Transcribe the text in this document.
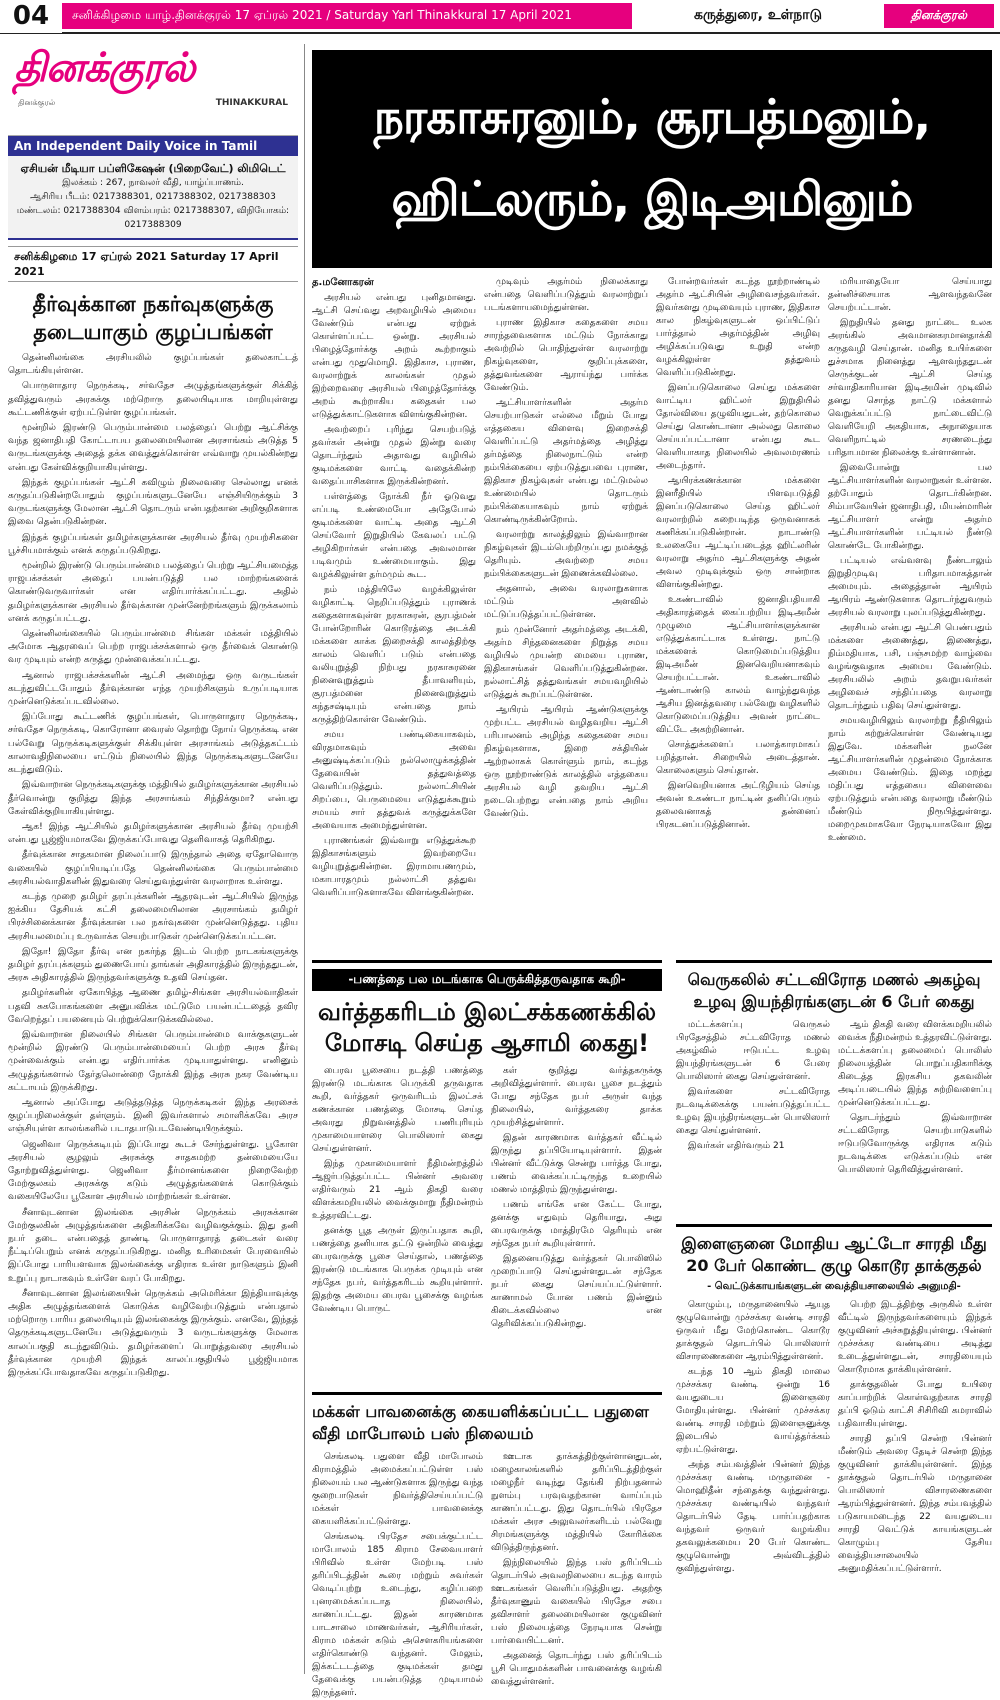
04	சனிக்கிழமை யாழ்.தினக்குரல் 17 ஏப்ரல் 2021 / Saturday Yarl Thinakkural 17 April 2021	கருத்துரை, உள்நாடு	தினக்குரல்
தினக்குரல்
தினக்குரல்	THINAKKURAL
An Independent Daily Voice in Tamil
ஏசியன் மீடியா பப்ளிகேஷன் (பிறைவேட்) லிமிடெட்
இலக்கம் : 267, நாவலர் வீதி, யாழ்ப்பாணம்.
ஆசிரிய பீடம்: 0217388301, 0217388302, 0217388303
மண்டலம்: 0217388304 விளம்பரம்: 0217388307, விநியோகம்: 0217388309
சனிக்கிழமை 17 ஏப்ரல் 2021 Saturday 17 April 2021
தீர்வுக்கான நகர்வுகளுக்கு தடையாகும் குழப்பங்கள்

தென்னிலங்கை அரசியலில் குழப்பங்கள் தலைகாட்டத் தொடங்கியுள்ளன.

பொருளாதார நெருக்கடி, சர்வதேச அழுத்தங்களுக்குள் சிக்கித் தவித்துவரும் அரசுக்கு மற்றொரு தலையிடியாக மாறியுள்ளது கூட்டணிக்குள் ஏற்பட்டுள்ள குழப்பங்கள்.

மூன்றில் இரண்டு பெரும்பான்மை பலத்தைப் பெற்று ஆட்சிக்கு வந்த ஜனாதிபதி கோட்டாபய தலைமையிலான அரசாங்கம் அடுத்த 5 வருடங்களுக்கு அதைத் தக்க வைத்துக்கொள்ள எவ்வாறு முயல்கின்றது என்பது கேள்விக்குறியாகியுள்ளது.

இந்தக் குழப்பங்கள் ஆட்சி கவிழும் நிலைவரை செல்லாது எனக் கருதப்படுகின்றபோதும் குழப்பங்களுடனேயே எஞ்சியிருக்கும் 3 வருடங்களுக்கு மேலான ஆட்சி தொடரும் என்பதற்கான அறிகுறிகளாக இவை தென்படுகின்றன.

இந்தக் குழப்பங்கள் தமிழர்களுக்கான அரசியல் தீர்வு முயற்சிகளை பூச்சியமாக்கும் எனக் கருதப்படுகிறது.

மூன்றில் இரண்டு பெரும்பான்மை பலத்தைப் பெற்று ஆட்சியமைத்த ராஜபக்சக்கள் அதைப் பயன்படுத்தி பல மாற்றங்களைக் கொண்டுவருவார்கள் என எதிர்பார்க்கப்பட்டது. அதில் தமிழர்களுக்கான அரசியல் தீர்வுக்கான முன்னேற்றங்களும் இருக்கலாம் எனக் கருதப்பட்டது.

தென்னிலங்கையில் பெரும்பான்மை சிங்கள மக்கள் மத்தியில் அமோக ஆதரவைப் பெற்ற ராஜபக்சக்களால் ஒரு தீர்வைக் கொண்டு வர முடியும் என்ற கருத்து முன்வைக்கப்பட்டது.

ஆனால் ராஜபக்சக்களின் ஆட்சி அமைந்து ஒரு வருடங்கள் கடந்துவிட்டபோதும் தீர்வுக்கான எந்த முயற்சிகளும் உருப்படியாக முன்னெடுக்கப்படவில்லை.

இப்போது கூட்டணிக் குழப்பங்கள், பொருளாதார நெருக்கடி, சர்வதேச நெருக்கடி, கொரோனா வைரஸ் தொற்று நோய் நெருக்கடி என பல்வேறு நெருக்கடிகளுக்குள் சிக்கியுள்ள அரசாங்கம் அடுத்தகட்டம் காலாவதிநிலையை எட்டும் நிலையில் இந்த நெருக்கடிகளுடனேயே கடந்துவிடும்.

இவ்வாறான நெருக்கடிகளுக்கு மத்தியில் தமிழர்களுக்கான அரசியல் தீர்வொன்று குறித்து இந்த அரசாங்கம் சிந்திக்குமா? என்பது கேள்விக்குறியாகியுள்ளது.

ஆக! இந்த ஆட்சியில் தமிழர்களுக்கான அரசியல் தீர்வு முயற்சி என்பது பூஜ்ஜியமாகவே இருக்கப்போவது தெளிவாகத் தெரிகிறது.

தீர்வுக்கான சாதகமான நிலைப்பாடு இருந்தால் அதை ஏதோவொரு வகையில் குழப்பியடிப்பதே தென்னிலங்கை பெரும்பான்மை அரசியல்வாதிகளின் இதுவரை செய்துவந்துள்ள வரலாறாக உள்ளது.

கடந்த முறை தமிழர் தரப்புக்களின் ஆதரவுடன் ஆட்சியில் இருந்த ஐக்கிய தேசியக் கட்சி தலைமையிலான அரசாங்கம் தமிழர் பிரச்சினைக்கான தீர்வுக்கான பல நகர்வுகளை முன்னெடுத்தது. புதிய அரசியலமைப்பு உருவாக்க செயற்பாடுகள் முன்னெடுக்கப்பட்டன.

இதோ! இதோ தீர்வு என நகர்ந்த இடம் பெற்ற நாடகங்களுக்கு தமிழர் தரப்புக்களும் துணைபோய் தாங்கள் அதிகாரத்தில் இருந்ததுடன், அரசு அதிகாரத்தில் இருந்தவர்களுக்கு உதவி செய்தன.

தமிழர்களின் ஏகோபித்த ஆணை தமிழ்-சிங்கள அரசியல்வாதிகள் பதவி சுகபோகங்களை அனுபவிக்க மட்டுமே பயன்பட்டதைத் தவிர வேறெந்தப் பயனையும் பெற்றுக்கொடுக்கவில்லை.

இவ்வாறான நிலையில் சிங்கள பெரும்பான்மை வாக்குகளுடன் மூன்றில் இரண்டு பெரும்பான்மையைப் பெற்ற அரசு தீர்வு முன்வைக்கும் என்பது எதிர்பார்க்க முடியாதுள்ளது. எனினும் அழுத்தங்களால் தேர்தலொன்றை நோக்கி இந்த அரசு நகர வேண்டிய கட்டாயம் இருக்கிறது.

ஆனால் அப்போது அடுத்தடுத்த நெருக்கடிகள் இந்த அரசைக் குழப்பநிலைக்குள் தள்ளும். இனி இவர்களால் சமாளிக்கவே அரச எஞ்சியுள்ள காலங்களில் படாதபாடுபடவேண்டியிருக்கும்.

ஜெனிவா நெருக்கடியும் இப்போது கூடச் சேர்ந்துள்ளது. பூகோள அரசியல் சூழலும் அரசுக்கு சாதகமற்ற தன்மையையே தோற்றுவித்துள்ளது. ஜெனிவா தீர்மானங்களை நிறைவேற்ற மேற்குலகம் அரசுக்கு கடும் அழுத்தங்களைக் கொடுக்கும் வகையிலேயே பூகோள அரசியல் மாற்றங்கள் உள்ளன.

சீனாவுடனான இலங்கை அரசின் நெருக்கம் அரசுக்கான மேற்குலகின் அழுத்தங்களை அதிகரிக்கவே வழிவகுக்கும். இது தனி நபர் தடை என்பதைத் தாண்டி பொருளாதாரத் தடைகள் வரை நீட்டிப்பெறும் எனக் கருதப்படுகிறது. மனித உரிமைகள் பேரவையில் இப்போது பாரியளவாக இலங்கைக்கு எதிராக உள்ள நாடுகளும் இனி உறுப்பு நாடாகவும் உள்ளே வரப் போகிறது.

சீனாவுடனான இலங்கையின் நெருக்கம் அமெரிக்கா இந்தியாவுக்கு அதிக அழுத்தங்களைக் கொடுக்க வழிவேற்படுத்தும் என்பதால் மற்றொரு பாரிய தலையிடியும் இலங்கைக்கு இருக்கும். எனவே, இந்தத் தெருக்கடிகளுடனேயே அடுத்துவரும் 3 வருடங்களுக்கு மேலாக காலப்பகுதி கடந்துவிடும். தமிழர்களைப் பொறுத்தவரை அரசியல் தீர்வுக்கான முயற்சி இந்தக் காலப்பகுதியில் பூஜ்ஜியமாக இருக்கப்போவதாகவே கருதப்படுகிறது.

நரகாசுரனும், சூரபத்மனும், ஹிட்லரும், இடிஅமினும்
த.மனோகரன்

அரசியல் என்பது புனிதமானது. ஆட்சி செய்வது அறவழியில் அமைய வேண்டும் என்பது ஏற்றுக் கொள்ளப்பட்ட ஒன்று. அரசியல் பிழைத்தோர்க்கு அறம் கூற்றாகும் என்பது முதுமொழி. இதிகாச, புராண, வரலாற்றுக் காலங்கள் முதல் இற்றைவரை அரசியல் பிழைத்தோர்க்கு அறம் கூற்றாகிய கதைகள் பல எடுத்துக்காட்டுகளாக விளங்குகின்றன.

அவற்றைப் புரிந்து செயற்படுத் தவர்கள் அன்று முதல் இன்று வரை தொடர்ந்தும் அதாவது வழியில் குடிமக்களை வாட்டி வதைக்கின்ற வதைப்பாசிகளாக இருக்கின்றனர்.

பள்ளத்தை நோக்கி நீர் ஓடுவது எப்படி உண்மையோ அதேபோல் குடிமக்களை வாட்டி அதை ஆட்சி செய்வோர் இறுதியில் கேவலப் பட்டு அழிகிறார்கள் என்பதை அவலமான படிவமும் உண்மையாகும். இது வழக்கிலுள்ள தர்மமும் கூட.

நம் மத்தியிலே வழக்கிலுள்ள வழிகாட்டி நெறிப்படுத்தும் புராணக் கதைகளாகவுள்ள நரகாசுரன், சூரபத்மன் போன்றோரின் கொடூரத்தை அடக்கி மக்களை காக்க இறைசக்தி காலத்திற்கு காலம் வெளிப் படும் என்பதை வலியுறுத்தி நிற்பது நரகாசுரனை நினைவுறுத்தும் தீபாவளியும், சூரபத்மனை நினைவுறுத்தும் கந்தசஷ்டியும் என்பதை நாம் கருத்திற்கொள்ள வேண்டும்.

சமய பண்டிகையாகவும், விரதமாகவும் அவை அனுஷ்டிக்கப்படும் நல்லொழுக்கத்தின் தேவையின் தத்துவத்தை வெளிப்படுத்தும். நல்லாட்சியின் சிறப்பை, பெருமையை எடுத்துக்கூறும் சமயம் சார் தத்துவக் கருத்துக்களே அவையாக அமைந்துள்ளன.

புராணங்கள் இவ்வாறு எடுத்துக்கூற இதிகாசங்களும் இவற்றையே வழியுறுத்துகின்றன. இராமாயணமும், மகாபாரதமும் நல்லாட்சி தத்துவ வெளிப்பாடுகளாகவே விளங்குகின்றன.

முடிவும் அதர்மம் நிலைக்காது என்பதை வெளிப்படுத்தும் வரலாற்றுப் படங்களாயமைந்துள்ளன.

புராண இதிகாச கதைகளை சமய சாரந்தவைகளாக மட்டும் நோக்காது அவற்றில் பொதிந்துள்ள வரலாற்று நிகழ்வுகளை, குறிப்புக்களை, தத்துவங்களை ஆராய்ந்து பார்க்க வேண்டும்.

ஆட்சியாளர்களின் அதர்ம செயற்பாடுகள் எல்லை மீறும் போது எத்தகைய விளைவு இறைசக்தி வெளிப்பட்டு அதர்மத்தை அழித்து தர்மத்தை நிலைநாட்டும் என்ற நம்பிக்கையை ஏற்படுத்துபவை புராண, இதிகாச நிகழ்வுகள் என்பது மட்டுமல்ல உண்மையில் தொடரும் நம்பிக்கையாகவும் நாம் ஏற்றுக் கொண்டிருக்கின்றோம்.

வரலாற்று காலத்திலும் இவ்வாறான நிகழ்வுகள் இடம்பெற்றிருப்பது நமக்குத் தெரியும். அவற்றை சமய நம்பிக்கைகளுடன் இணைக்கவில்லை.

அதனால், அவை வரலாறுகளாக மட்டும் அளவில் மட்டுப்படுத்தப்பட்டுள்ளன.

நம் முன்னோர் அதர்மத்தை அடக்கி, அதர்ம சிந்தனைகளை நிறுத்த சமய வழியில் முயன்ற மையை புராண, இதிகாசங்கள் வெளிப்படுத்துகின்றன. நல்லாட்சித் தத்துவங்கள் சமயவழியில் எடுத்துக் கூறப்பட்டுள்ளன.

ஆயிரம் ஆயிரம் ஆண்டுகளுக்கு முற்பட்ட அரசியல் வழிதவறிய ஆட்சி பரிபாலனம் அழிந்த கதைகளை சமய நிகழ்வுகளாக, இறை சக்தியின் ஆற்றலாகக் கொள்ளும் நாம், கடந்த ஒரு நூற்றாண்டுக் காலத்தில் எத்தகைய அரசியல் வழி தவறிய ஆட்சி நடைபெற்றது என்பதை நாம் அறிய வேண்டும்.

போன்றவர்கள் கடந்த நூற்றாண்டில் அதர்ம ஆட்சியின் அழிவைசந்தவர்கள். இவர்களது முடிவையும் புராண, இதிகாச கால நிகழ்வுகளுடன் ஒப்பிட்டுப் பார்த்தால் அதர்மத்தின் அழிவு அழிக்கப்படுவது உறுதி என்ற வழக்கிலுள்ள தத்துவம் வெளிப்படுகின்றது.

இனப்படுகொலை செய்து மக்களை வாட்டிய ஹிட்லர் இறுதியில் தோல்வியை தழுவியதுடன், தற்கொலை செய்து கொண்டானா அல்லது கொலை செய்யப்பட்டானா என்பது கூட வெளியாகாத நிலையில் அவலமரணம் அடைந்தார்.

ஆயிரக்கணக்கான மக்களை இனரீதியில் பிளவுபடுத்தி இனப்படுகொலை செய்த ஹிட்லர் வரலாற்றில் கறைபடிந்த ஒருவனாகக் கணிக்கப்படுகின்றான். நாடாண்டு உலகையே ஆட்டிப்படைத்த ஹிட்லரின் வரலாறு அதர்ம ஆட்சிகளுக்கு அதன் அவல முடிவுக்கும் ஒரு சான்றாக விளங்குகின்றது.

உகண்டாவில் ஜனாதிபதியாகி அதிகாரத்தைக் கைப்பற்றிய இடிஅமீன் முழுமை ஆட்சியாளர்களுக்கான எடுத்துக்காட்டாக உள்ளது. நாட்டு மக்களைக் கொடுமைப்படுத்திய இடிஅமீன் இனவெறியனாகவும் செயற்பட்டான். உகண்டாவில் ஆண்டாண்டு காலம் வாழ்ந்துவந்த ஆசிய இனத்தவரை பல்வேறு வழிகளில் கொடுமைப்படுத்திய அவன் நாட்டை விட்டே அகற்றினான்.

சொத்துக்களைப் பலாத்காரமாகப் பறித்தான். சிறையில் அடைத்தான். கொலைகளும் செய்தான்.

இனவெறியனாக அட்டூழியம் செய்த அவன் உகண்டா நாட்டின் தனிப்பெரும் தலைவனாகத் தன்னைப் பிரகடனப்படுத்தினான்.

மரியாதையோ செய்யாது தன்னிச்சையாக ஆளவந்தவனே செயற்பட்டான்.

இறுதியில் தனது நாட்டை உலக அரங்கில் அவமானகரமானதாக்கி கருதவழி செய்தான். மனித உயிர்களை துச்சமாக நினைத்து ஆளவந்ததுடன் செருக்குடன் ஆட்சி செய்த சர்வாதிகாரியான இடிஅமின் முடிவில் தனது சொந்த நாட்டு மக்களால் வெறுக்கப்பட்டு நாட்டைவிட்டு வெளியேறி அகதியாக, அநாதையாக வெளிநாட்டில் சரணடைந்து பரிதாபமான நிலைக்கு உள்ளானான்.

இவைபோன்று பல ஆட்சியாளர்களின் வரலாறுகள் உள்ளன. தற்போதும் தொடர்கின்றன. சிம்பாவேயின் ஜனாதிபதி, மியன்மாரின் ஆட்சியாளர் என்று அதர்ம ஆட்சியாளர்களின் பட்டியல் நீண்டு கொண்டே போகின்றது.

பட்டியல் எவ்வளவு நீண்டாலும் இறுதிமுடிவு பரிதாபமாகத்தான் அமையும். அதைத்தான் ஆயிரம் ஆயிரம் ஆண்டுகளாக தொடர்ந்துவரும் அரசியல் வரலாறு புலப்படுத்துகின்றது.

அரசியல் என்பது ஆட்சி பெண்பதும் மக்களை அணைத்து, இணைத்து, நிம்மதியாக, பசி, பஞ்சமற்ற வாழ்வை வழங்குவதாக அமைய வேண்டும். அரசியலில் அறம் தவறுபவர்கள் அழிவைச் சந்திப்பதை வரலாறு தொடர்ந்தும் பதிவு செய்துள்ளது.

சமயவழியிலும் வரலாற்று நீதியிலும் நாம் கற்றுக்கொள்ள வேண்டியது இதுவே. மக்களின் நலனே ஆட்சியாளர்களின் முதன்மை நோக்காக அமைய வேண்டும். இதை மறந்து மதிப்பது எத்தகைய விளைவை ஏற்படுத்தும் என்பதை வரலாறு மீண்டும் மீண்டும் நிரூபித்துள்ளது. மறைமுகமாகவோ நேரடியாகவோ இது உண்மை.

-பணத்தை பல மடங்காக பெருக்கித்தருவதாக கூறி-
வர்த்தகரிடம் இலட்சக்கணக்கில் மோசடி செய்த ஆசாமி கைது!

பைரவ பூசையை நடத்தி பணத்தை இரண்டு மடங்காக பெருக்கி தருவதாக கூறி, வர்த்தகர் ஒருவரிடம் இலட்சக் கணக்கான பணத்தை மோசடி செய்த அவரது நிறுவனத்தில் பணிபுரியும் முகாமையாளரை பொலிஸார் கைது செய்துள்ளனர்.

இந்த முகாமையாளர் நீதிமன்றத்தில் ஆஜர்படுத்தப்பட்ட பின்னர் அவரை எதிர்வரும் 21 ஆம் திகதி வரை விளக்கமறியலில் வைக்குமாறு நீதிமன்றம் உத்தரவிட்டது.

தனக்கு பூத அருள் இருப்பதாக கூறி, பணத்தை தனியாக தட்டு ஒன்றில் வைத்து பைரவருக்கு பூசை செய்தால், பணத்தை இரண்டு மடங்காக பெருக்க முடியும் என சந்தேக நபர், வர்த்தகரிடம் கூறியுள்ளார். இதற்கு அமைய பைரவ பூசைக்கு வழங்க வேண்டிய பொருட்

கள் குறித்து வர்த்தகருக்கு அறிவித்துள்ளார். பைரவ பூசை நடத்தும் போது சந்தேக நபர் அருள் வந்த நிலையில், வர்த்தகரை தாக்க முயற்சித்துள்ளார்.

இதன் காரணமாக வர்த்தகர் வீட்டில் இருந்து தப்பியோடியுள்ளார். இதன் பின்னர் வீட்டுக்கு சென்று பார்த்த போது, பணம் வைக்கப்பட்டிருந்த உறையில் மணல் மாத்திரம் இருந்துள்ளது.

பணம் எங்கே என கேட்ட போது, தனக்கு எதுவும் தெரியாது, அது பைரவருக்கு மாத்திரமே தெரியும் என சந்தேக நபர் கூறியுள்ளார்.

இதனையடுத்து வர்த்தகர் பொலிஸில் முறைப்பாடு செய்துள்ளதுடன் சந்தேக நபர் கைது செய்யப்பட்டுள்ளார். காணாமல் போன பணம் இன்னும் கிடைக்கவில்லை என தெரிவிக்கப்படுகின்றது.

வெருகலில் சட்டவிரோத மணல் அகழ்வு உழவு இயந்திரங்களுடன் 6 பேர் கைது

மட்டக்களப்பு வெருகல் பிரதேசத்தில் சட்டவிரோத மணல் அகழ்வில் ஈடுபட்ட உழவு இயந்திரங்களுடன் 6 பேரை பொலிஸார் கைது செய்துள்ளனர்.

இவர்களை சட்டவிரோத நடவடிக்கைக்கு பயன்படுத்தப்பட்ட உழவு இயந்திரங்களுடன் பொலிஸார் கைது செய்துள்ளனர்.

இவர்கள் எதிர்வரும் 21

ஆம் திகதி வரை விளக்கமறியலில் வைக்க நீதிமன்றம் உத்தரவிட்டுள்ளது. மட்டக்களப்பு தலைமைப் பொலிஸ் நிலையத்தின் பொறுப்பதிகாரிக்கு கிடைத்த இரகசிய தகவலின் அடிப்படையில் இந்த சுற்றிவளைப்பு முன்னெடுக்கப்பட்டது.

தொடர்ந்தும் இவ்வாறான சட்டவிரோத செயற்பாடுகளில் ஈடுபடுவோருக்கு எதிராக கடும் நடவடிக்கை எடுக்கப்படும் என பொலிஸார் தெரிவித்துள்ளனர்.

இளைஞனை மோதிய ஆட்டோ சாரதி மீது 20 பேர் கொண்ட குழு கொடூர தாக்குதல்
- வெட்டுக்காயங்களுடன் வைத்தியசாலையில் அனுமதி-

கொழும்பு, மருதானையில் ஆயுத குழுவொன்று முச்சக்கர வண்டி சாரதி ஒருவர் மீது மேற்கொண்ட கொடூர தாக்குதல் தொடர்பில் பொலிஸார் விசாரணைகளை ஆரம்பித்துள்ளனர்.

கடந்த 10 ஆம் திகதி மாலை முச்சக்கர வண்டி ஒன்று 16 வயதுடைய இளைஞரை மோதியுள்ளது. பின்னர் முச்சக்கர வண்டி சாரதி மற்றும் இளைஞனுக்கு இடையில் வாய்த்தர்க்கம் ஏற்பட்டுள்ளது.

அந்த சம்பவத்தின் பின்னர் இந்த முச்சக்கர வண்டி மருதானை - மொஹிதீன் சந்தைக்கு வந்துள்ளது. முச்சக்கர வண்டியில் வந்தவர் தொடர்பில் தேடி பார்ப்பதற்காக வந்தவர் ஒருவர் வழங்கிய தகவலுக்கமைய 20 பேர் கொண்ட குழுவொன்று அவ்விடத்தில் குவிந்துள்ளது.

பெற்ற இடத்திற்கு அருகில் உள்ள வீட்டில் இருந்தவர்களையும் இந்தக் குழுவினர் அச்சுறுத்தியுள்ளது. பின்னர் முச்சக்கர வண்டியை அடித்து உடைத்துள்ளதுடன், சாரதியையும் கொடூரமாக தாக்கியுள்ளனர்.

தாக்குதலின் போது உயிரை காப்பாற்றிக் கொள்வதற்காக சாரதி தப்பி ஓடும் காட்சி சிசிரிவி கமராவில் பதிவாகியுள்ளது.

சாரதி தப்பி சென்ற பின்னர் மீண்டும் அவரை தேடிச் சென்ற இந்த குழுவினர் தாக்கியுள்ளனர். இந்த தாக்குதல் தொடர்பில் மருதானை பொலிஸார் விசாரணைகளை ஆரம்பித்துள்ளனர். இந்த சம்பவத்தில் படுகாயமடைந்த 22 வயதுடைய சாரதி வெட்டுக் காயங்களுடன் கொழும்பு தேசிய வைத்தியசாலையில் அனுமதிக்கப்பட்டுள்ளார்.

மக்கள் பாவனைக்கு கையளிக்கப்பட்ட பதுளை வீதி மாபோலம் பஸ் நிலையம்

செங்கலடி பதுளை வீதி மாபோலம் கிராமத்தில் அமைக்கப்பட்டுள்ள பஸ் நிலையம் பல ஆண்டுகளாக இருந்து வந்த குறைபாடுகள் நிவர்த்திசெய்யப்பட்டு மக்கள் பாவனைக்கு கையளிக்கப்பட்டுள்ளது.

செங்கலடி பிரதேச சபைக்குட்பட்ட மாபோலம் 185 கிராம சேவையாளர் பிரிவில் உள்ள மேற்படி பஸ் தரிப்பிடத்தின் கூரை மற்றும் சுவர்கள் வெடிப்புற்று உடைந்து, கழிப்பறை புனரமைக்கப்படாத நிலையில், காணப்பட்டது. இதன் காரணமாக பாடசாலை மாணவர்கள், ஆசிரியர்கள், கிராம மக்கள் கடும் அசௌகரியங்களை எதிர்கொண்டு வந்தனர். மேலும், இக்கட்டடத்தை குடிமக்கள் தமது தேவைக்கு பயன்படுத்த முடியாமல் இருந்தனர்.

ஊடாக தாக்கத்திற்குள்ளானதுடன், மழைகாலங்களில் தரிப்பிடத்திற்குள் மழைநீர் வடிந்து தேங்கி நிற்பதனால் நுளம்பு பரவுவதற்கான வாய்ப்பும் காணப்பட்டது. இது தொடர்பில் பிரதேச மக்கள் அரச அலுவலர்களிடம் பல்வேறு சிரமங்களுக்கு மத்தியில் கோரிக்கை விடுத்திருந்தனர்.

இந்நிலையில் இந்த பஸ் தரிப்பிடம் தொடர்பில் அவலநிலையை கடந்த வாரம் ஊடகங்கள் வெளிப்படுத்தியது. அதற்கு தீர்வுகாணும் வகையில் பிரதேச சபை தவிசாளர் தலைமையிலான குழுவினர் பஸ் நிலையத்தை நேரடியாக சென்று பார்வையிட்டனர்.

அதனைத் தொடர்ந்து பஸ் தரிப்பிடம் பூசி பொதுமக்களின் பாவனைக்கு வழங்கி வைத்துள்ளனர்.
